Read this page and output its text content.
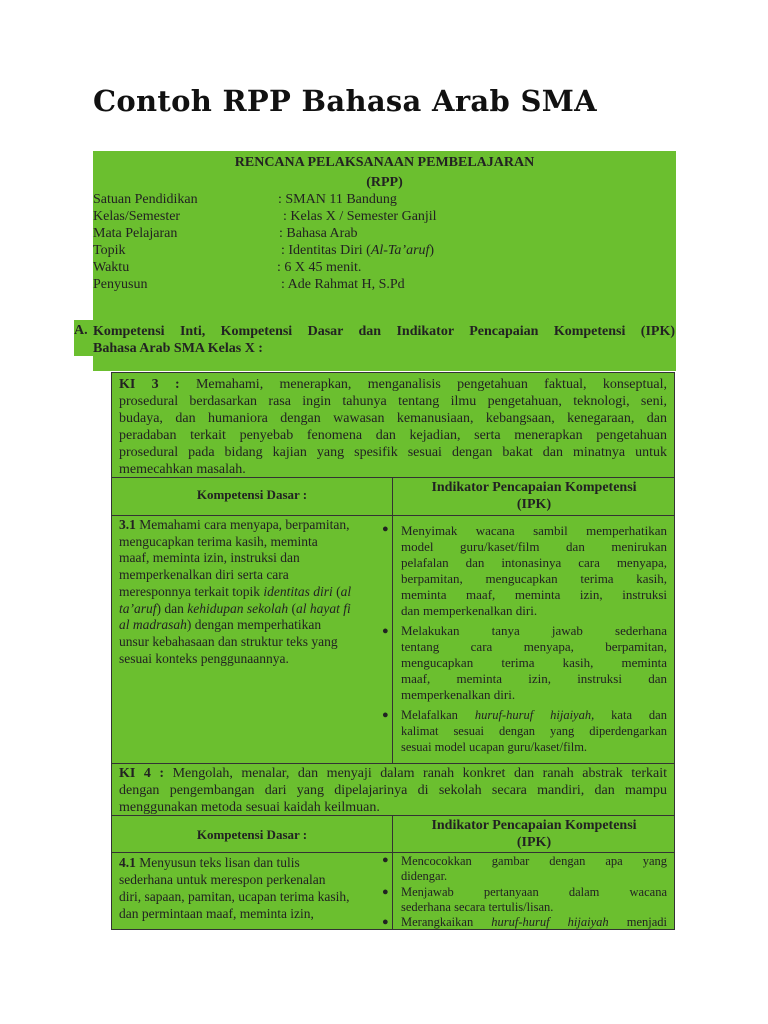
Contoh RPP Bahasa Arab SMA
RENCANA PELAKSANAAN PEMBELAJARAN
(RPP)
Satuan Pendidikan	: SMAN 11 Bandung
Kelas/Semester	: Kelas X / Semester Ganjil
Mata Pelajaran	: Bahasa Arab
Topik	: Identitas Diri (Al-Ta’aruf)
Waktu	: 6 X 45 menit.
Penyusun	: Ade Rahmat H, S.Pd
A. Kompetensi Inti, Kompetensi Dasar dan Indikator Pencapaian Kompetensi (IPK)
Bahasa Arab SMA Kelas X :
KI 3 : Memahami, menerapkan, menganalisis pengetahuan faktual, konseptual,
prosedural berdasarkan rasa ingin tahunya tentang ilmu pengetahuan, teknologi, seni,
budaya, dan humaniora dengan wawasan kemanusiaan, kebangsaan, kenegaraan, dan
peradaban terkait penyebab fenomena dan kejadian, serta menerapkan pengetahuan
prosedural pada bidang kajian yang spesifik sesuai dengan bakat dan minatnya untuk
memecahkan masalah.
Kompetensi Dasar :	Indikator Pencapaian Kompetensi
(IPK)
3.1 Memahami cara menyapa, berpamitan,
mengucapkan terima kasih, meminta
maaf, meminta izin, instruksi dan
memperkenalkan diri serta cara
meresponnya terkait topik identitas diri (al
ta’aruf) dan kehidupan sekolah (al hayat fi
al madrasah) dengan memperhatikan
unsur kebahasaan dan struktur teks yang
sesuai konteks penggunaannya.
● Menyimak wacana sambil memperhatikan
model guru/kaset/film dan menirukan
pelafalan dan intonasinya cara menyapa,
berpamitan, mengucapkan terima kasih,
meminta maaf, meminta izin, instruksi
dan memperkenalkan diri.
● Melakukan tanya jawab sederhana
tentang cara menyapa, berpamitan,
mengucapkan terima kasih, meminta
maaf, meminta izin, instruksi dan
memperkenalkan diri.
● Melafalkan huruf-huruf hijaiyah, kata dan
kalimat sesuai dengan yang diperdengarkan
sesuai model ucapan guru/kaset/film.
KI 4 : Mengolah, menalar, dan menyaji dalam ranah konkret dan ranah abstrak terkait
dengan pengembangan dari yang dipelajarinya di sekolah secara mandiri, dan mampu
menggunakan metoda sesuai kaidah keilmuan.
Kompetensi Dasar :
Indikator Pencapaian Kompetensi
(IPK)
4.1 Menyusun teks lisan dan tulis
sederhana untuk merespon perkenalan
diri, sapaan, pamitan, ucapan terima kasih,
dan permintaan maaf, meminta izin,
● Mencocokkan gambar dengan apa yang
didengar.
● Menjawab pertanyaan dalam wacana
sederhana secara tertulis/lisan.
● Merangkaikan huruf-huruf hijaiyah menjadi
